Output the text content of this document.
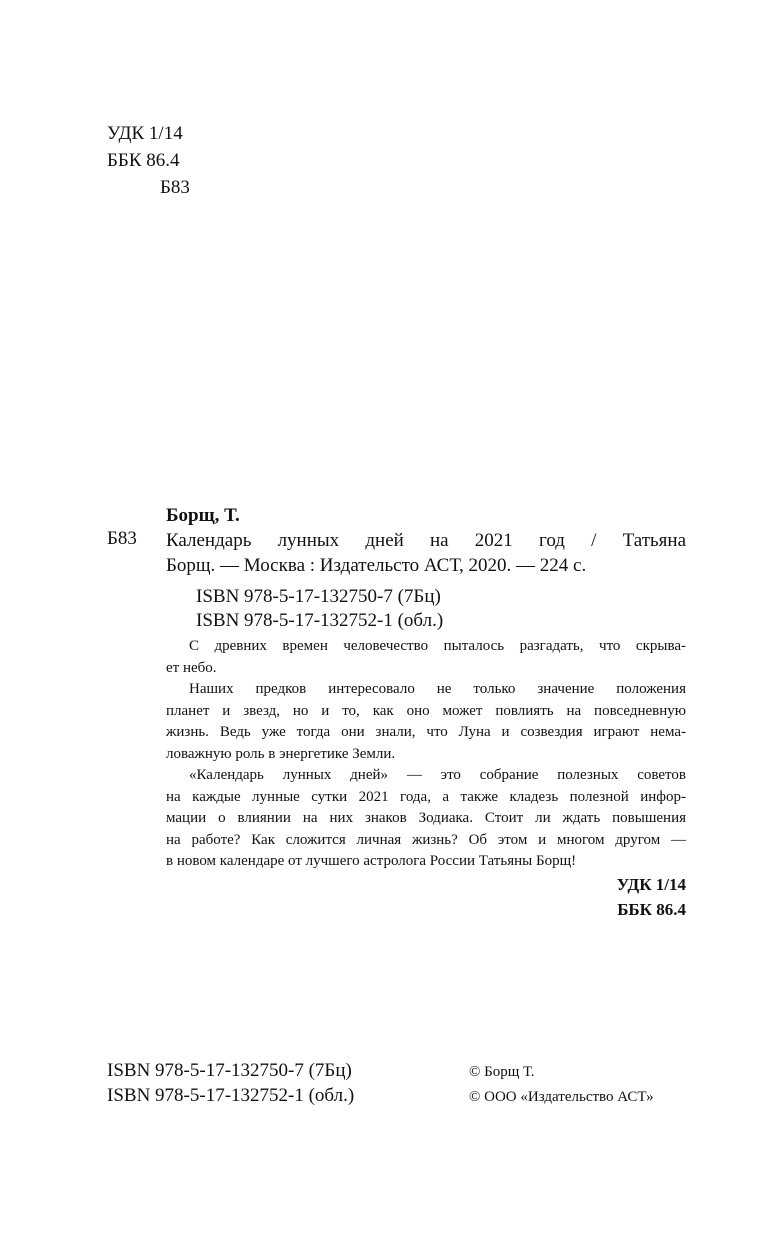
УДК 1/14
ББК 86.4
Б83
Борщ, Т.
Б83 Календарь лунных дней на 2021 год / Татьяна
Борщ. — Москва : Издательсто АСТ, 2020. — 224 с.
ISBN 978-5-17-132750-7 (7Бц)
ISBN 978-5-17-132752-1 (обл.)
С древних времен человечество пыталось разгадать, что скрыва-
ет небо.
Наших предков интересовало не только значение положения
планет и звезд, но и то, как оно может повлиять на повседневную
жизнь. Ведь уже тогда они знали, что Луна и созвездия играют нема-
ловажную роль в энергетике Земли.
«Календарь лунных дней» — это собрание полезных советов
на каждые лунные сутки 2021 года, а также кладезь полезной инфор-
мации о влиянии на них знаков Зодиака. Стоит ли ждать повышения
на работе? Как сложится личная жизнь? Об этом и многом другом —
в новом календаре от лучшего астролога России Татьяны Борщ!
УДК 1/14
ББК 86.4
ISBN 978-5-17-132750-7 (7Бц)
ISBN 978-5-17-132752-1 (обл.)
© Борщ Т.
© ООО «Издательство АСТ»
